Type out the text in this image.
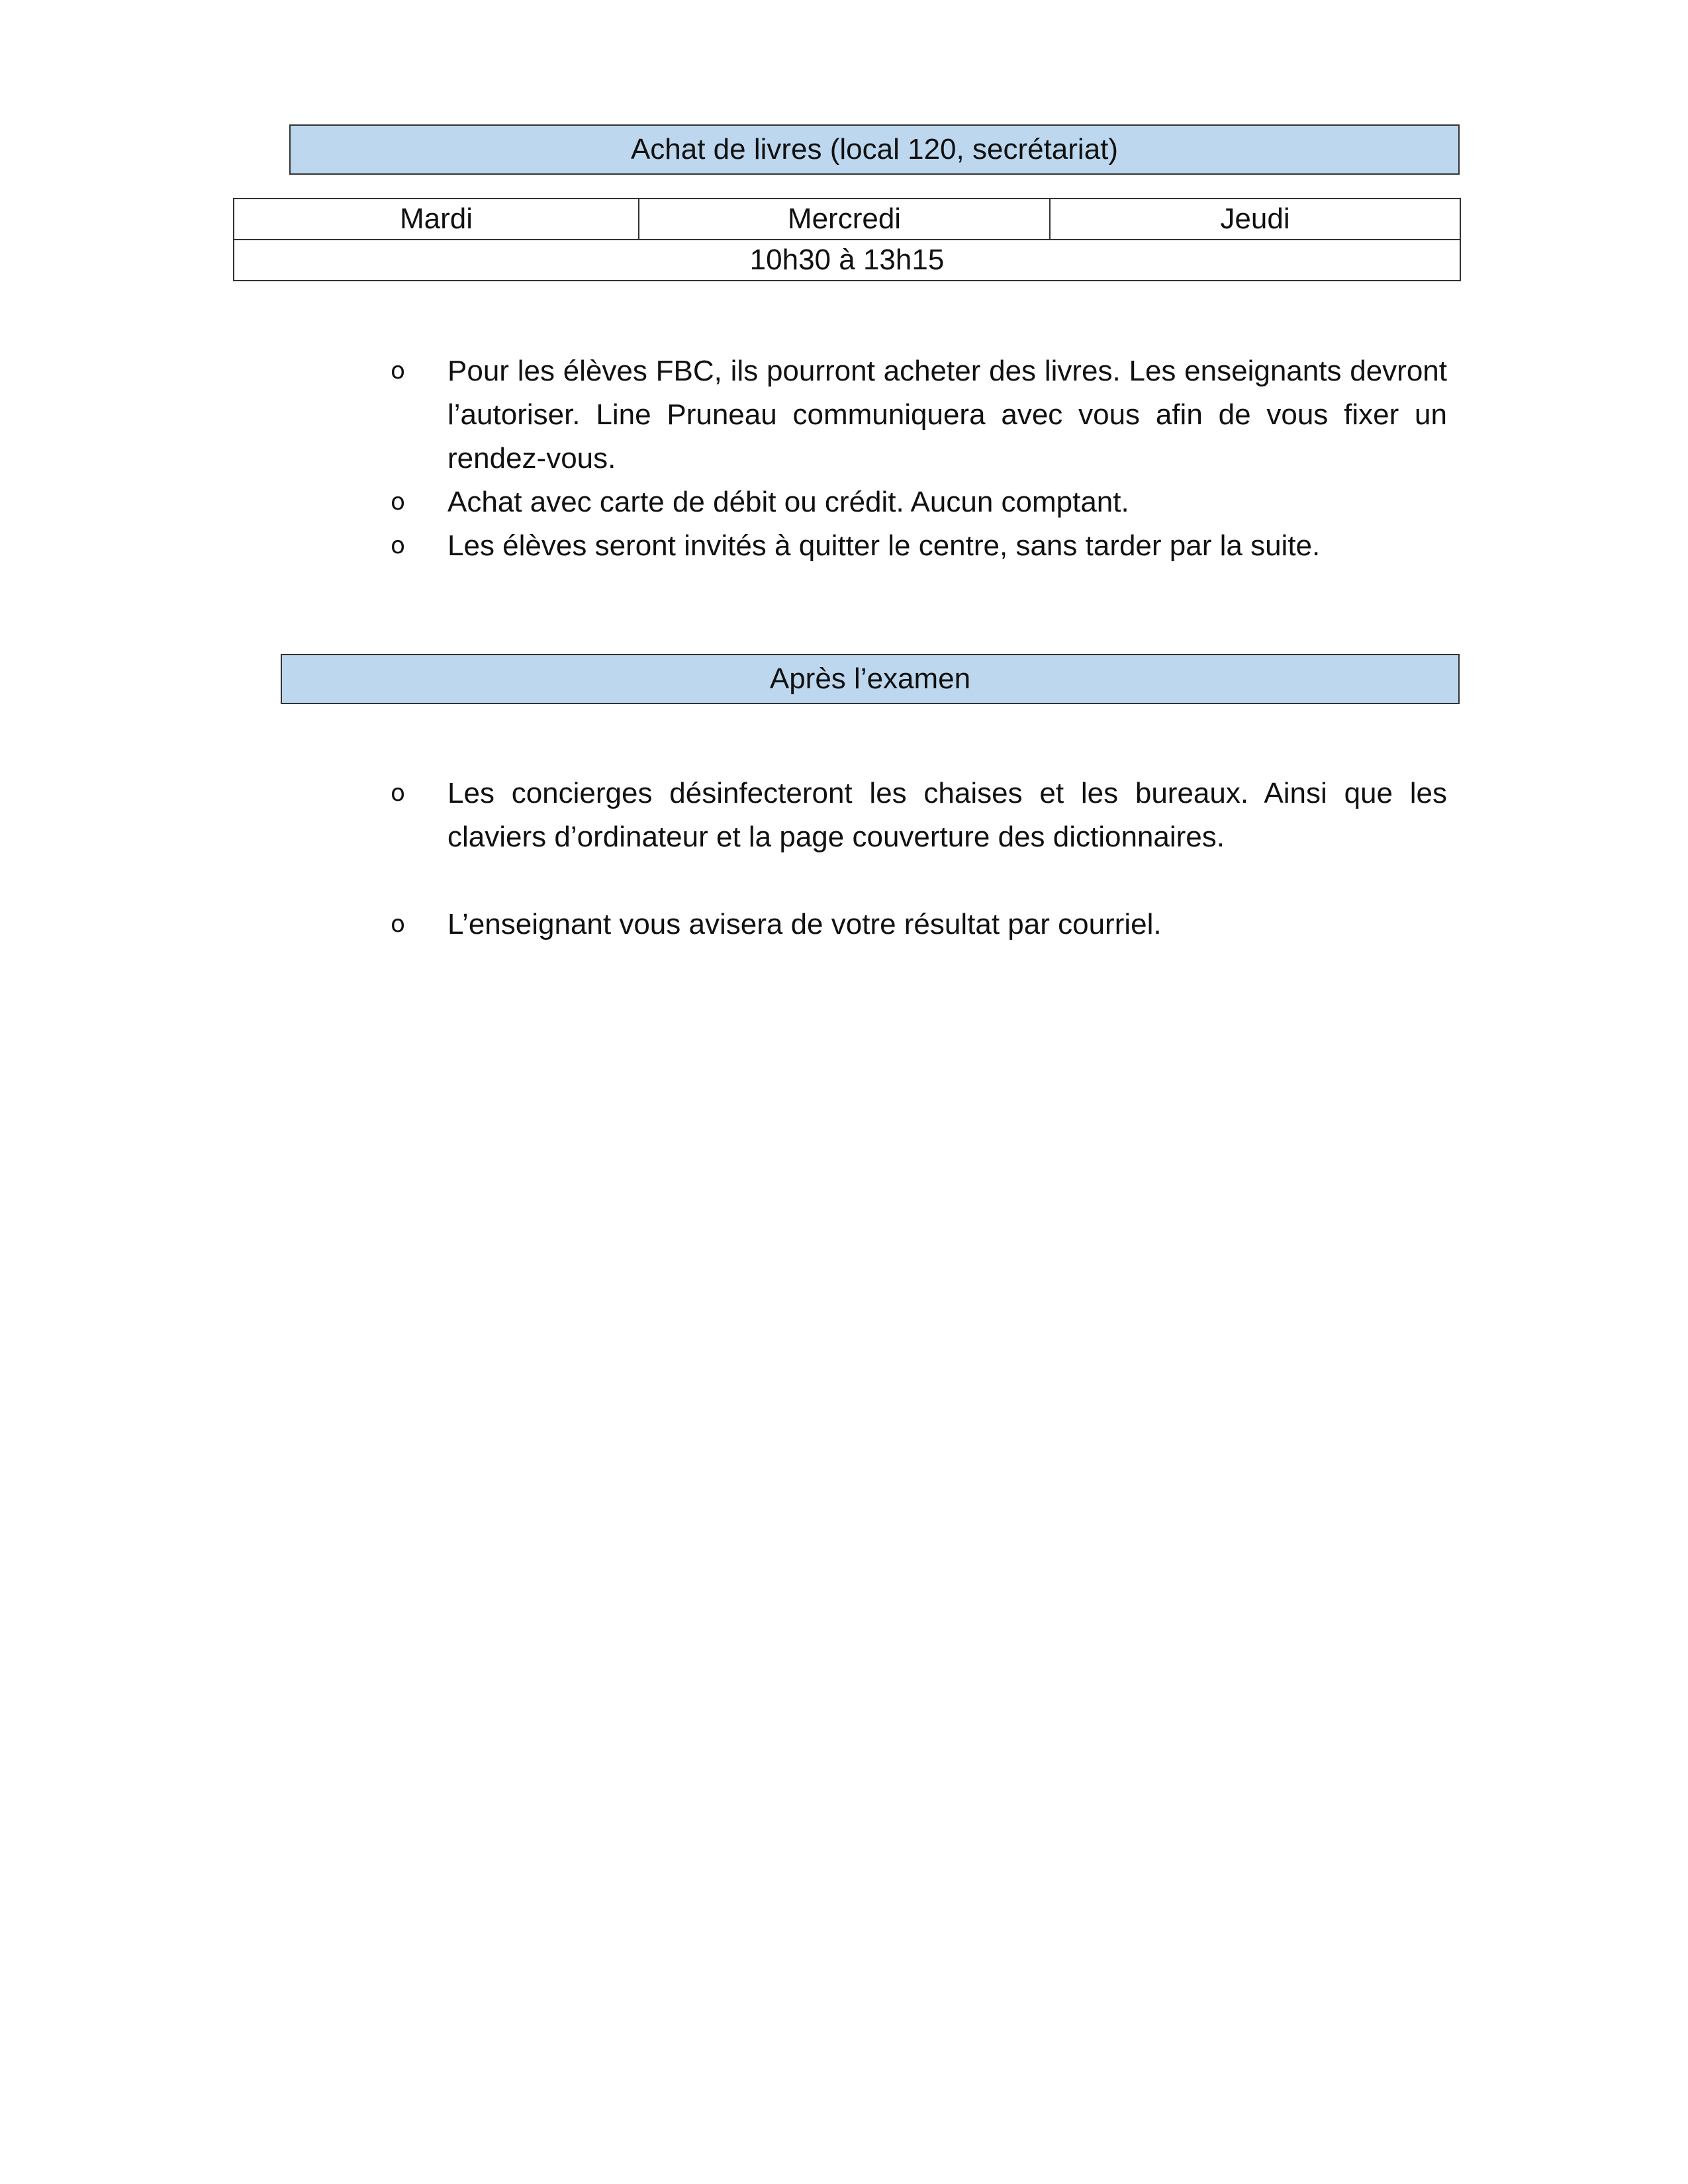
Achat de livres (local 120, secrétariat)
Mardi	Mercredi	Jeudi
10h30 à 13h15
o	Pour les élèves FBC, ils pourront acheter des livres. Les enseignants devront l’autoriser. Line Pruneau communiquera avec vous afin de vous fixer un rendez-vous.
o	Achat avec carte de débit ou crédit. Aucun comptant.
o	Les élèves seront invités à quitter le centre, sans tarder par la suite.
Après l’examen
o	Les concierges désinfecteront les chaises et les bureaux. Ainsi que les claviers d’ordinateur et la page couverture des dictionnaires.
o	L’enseignant vous avisera de votre résultat par courriel.
